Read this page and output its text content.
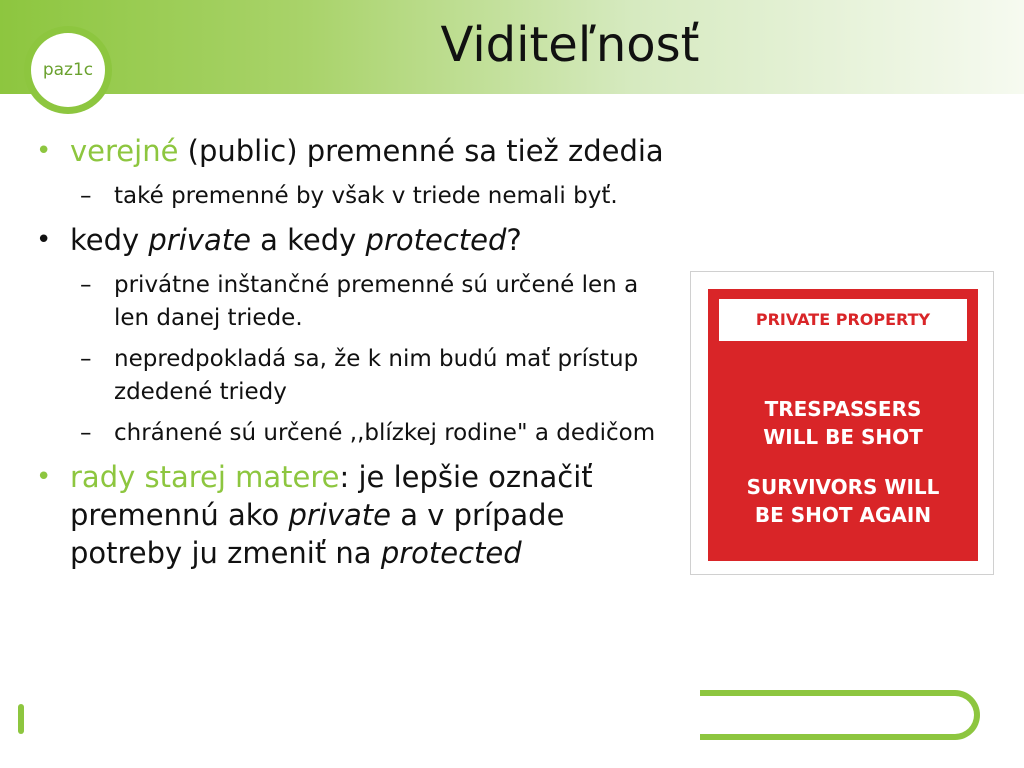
Viditeľnosť
paz1c
• verejné (public) premenné sa tiež zdedia
– také premenné by však v triede nemali byť.
• kedy private a kedy protected?
– privátne inštančné premenné sú určené len a len danej triede.
– nepredpokladá sa, že k nim budú mať prístup zdedené triedy
– chránené sú určené ,,blízkej rodine" a dedičom
• rady starej matere: je lepšie označiť premennú ako private a v prípade potreby ju zmeniť na protected
PRIVATE PROPERTY
TRESPASSERS
WILL BE SHOT
SURVIVORS WILL
BE SHOT AGAIN
